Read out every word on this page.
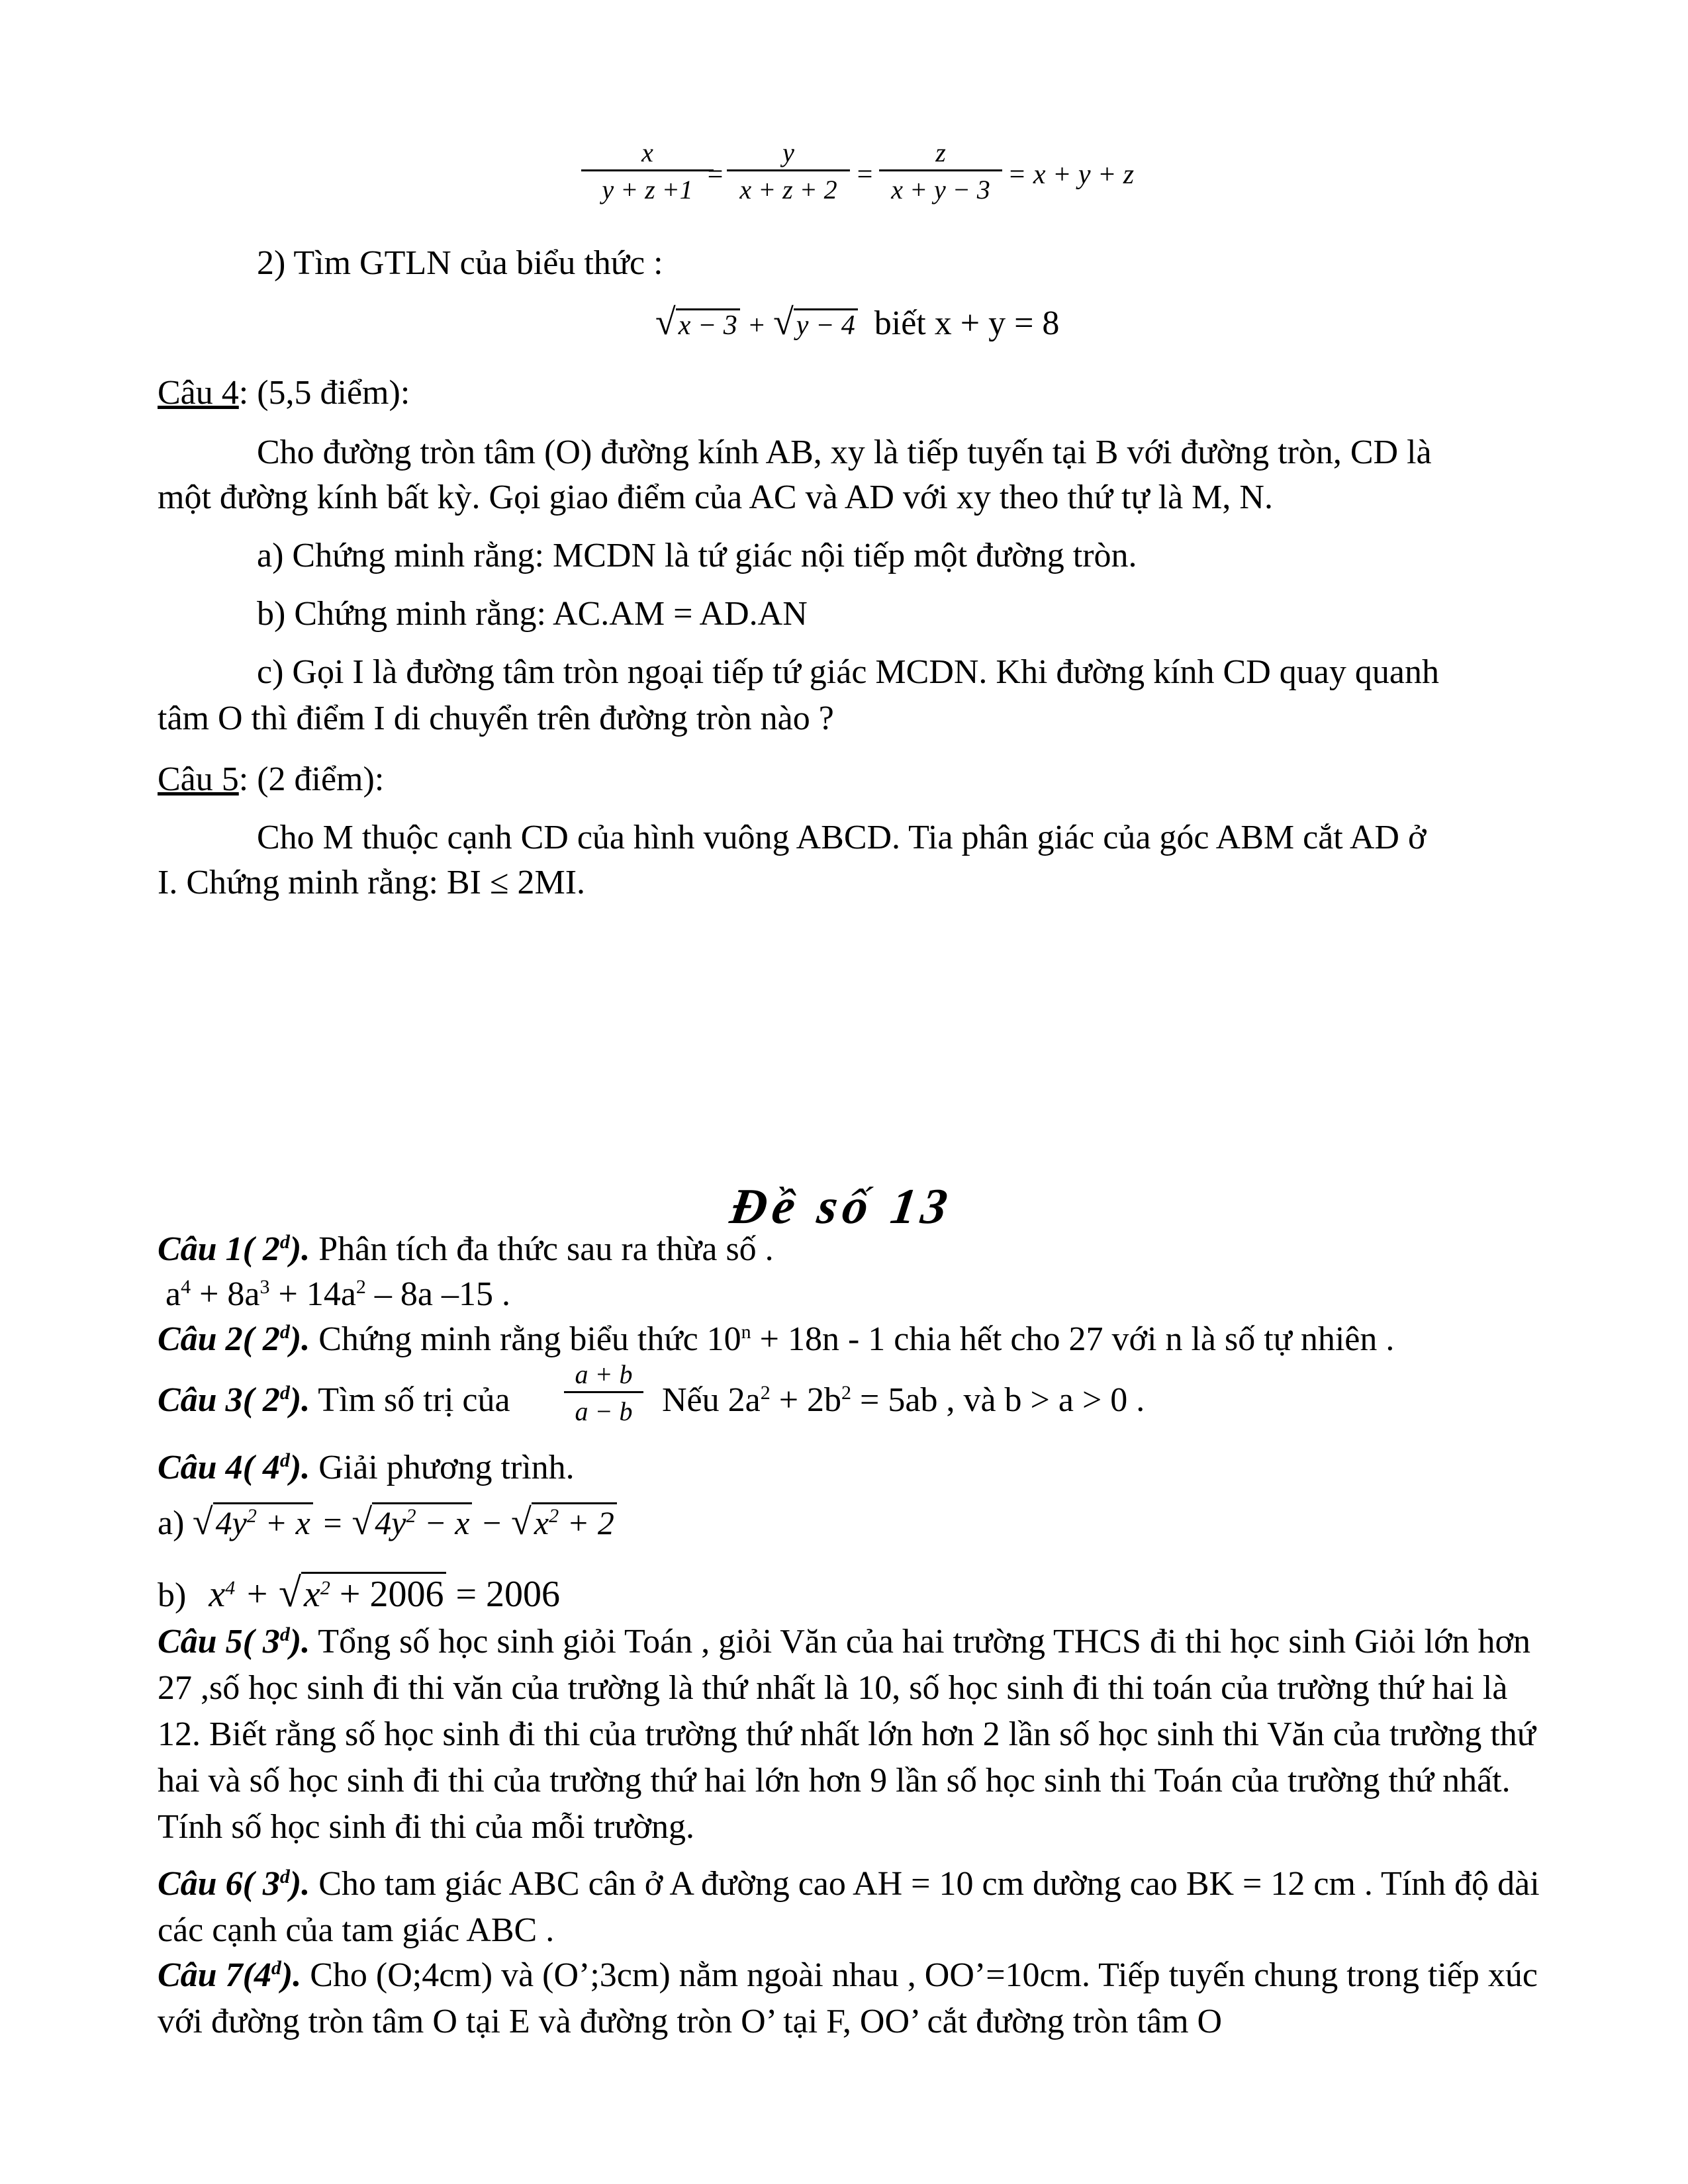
x
y + z +1 =
y
x + z + 2 =
z
x + y − 3 = x + y + z
2) Tìm GTLN của biểu thức :
√x − 3 + √y − 4 biết x + y = 8
Câu 4: (5,5 điểm):
Cho đường tròn tâm (O) đường kính AB, xy là tiếp tuyến tại B với đường tròn, CD là
một đường kính bất kỳ. Gọi giao điểm của AC và AD với xy theo thứ tự là M, N.
a) Chứng minh rằng: MCDN là tứ giác nội tiếp một đường tròn.
b) Chứng minh rằng: AC.AM = AD.AN
c) Gọi I là đường tâm tròn ngoại tiếp tứ giác MCDN. Khi đường kính CD quay quanh
tâm O thì điểm I di chuyển trên đường tròn nào ?
Câu 5: (2 điểm):
Cho M thuộc cạnh CD của hình vuông ABCD. Tia phân giác của góc ABM cắt AD ở
I. Chứng minh rằng: BI ≤ 2MI.
Đề số 13
Câu 1( 2$^d$). Phân tích đa thức sau ra thừa số .
$a^4 + 8a^3 + 14a^2 - 8a$ –15 .
Câu 2( 2$^d$). Chứng minh rằng biểu thức $10^n + 18n - 1$ chia hết cho 27 với n là số tự nhiên .
Câu 3( 2$^d$). Tìm số trị của
a + b
a − b Nếu $2a^2 + 2b^2 = 5ab$ , và b > a > 0 .
Câu 4( 4$^d$). Giải phương trình.
a) $√4y^2 + x = √4y^2 - x - √x^2 + 2$
b) $x^4 + √x^2 + 2006 = 2006$
Câu 5( 3$^d$). Tổng số học sinh giỏi Toán , giỏi Văn của hai trường THCS đi thi học sinh Giỏi lớn hơn 27 ,số học sinh đi thi văn của trường là thứ nhất là 10, số học sinh đi thi toán của trường thứ hai là 12. Biết rằng số học sinh đi thi của trường thứ nhất lớn hơn 2 lần số học sinh thi Văn của trường thứ hai và số học sinh đi thi của trường thứ hai lớn hơn 9 lần số học sinh thi Toán của trường thứ nhất. Tính số học sinh đi thi của mỗi trường.
Câu 6( 3$^d$). Cho tam giác ABC cân ở A đường cao AH = 10 cm dường cao BK = 12 cm . Tính độ dài các cạnh của tam giác ABC .
Câu 7(4$^d$). Cho (O;4cm) và (O’;3cm) nằm ngoài nhau , OO’=10cm. Tiếp tuyến chung trong tiếp xúc với đường tròn tâm O tại E và đường tròn O’ tại F, OO’ cắt đường tròn tâm O
